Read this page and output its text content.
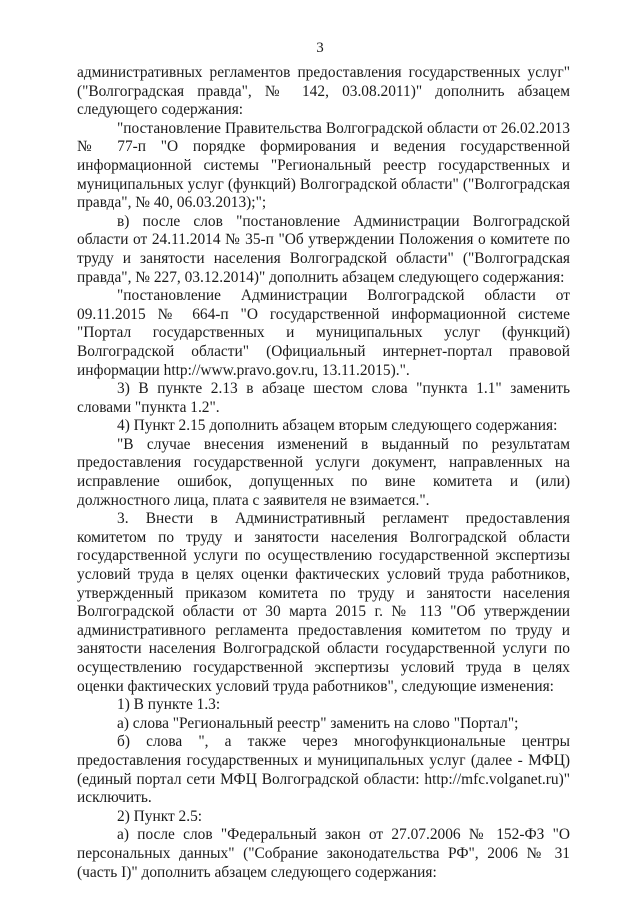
3

административных регламентов предоставления государственных услуг" ("Волгоградская правда", № 142, 03.08.2011)" дополнить абзацем следующего содержания:

"постановление Правительства Волгоградской области от 26.02.2013 № 77-п "О порядке формирования и ведения государственной информационной системы "Региональный реестр государственных и муниципальных услуг (функций) Волгоградской области" ("Волгоградская правда", № 40, 06.03.2013);";

в) после слов "постановление Администрации Волгоградской области от 24.11.2014 № 35-п "Об утверждении Положения о комитете по труду и занятости населения Волгоградской области" ("Волгоградская правда", № 227, 03.12.2014)" дополнить абзацем следующего содержания:

"постановление Администрации Волгоградской области от 09.11.2015 № 664-п "О государственной информационной системе "Портал государственных и муниципальных услуг (функций) Волгоградской области" (Официальный интернет-портал правовой информации http://www.pravo.gov.ru, 13.11.2015).".

3) В пункте 2.13 в абзаце шестом слова "пункта 1.1" заменить словами "пункта 1.2".

4) Пункт 2.15 дополнить абзацем вторым следующего содержания:

"В случае внесения изменений в выданный по результатам предоставления государственной услуги документ, направленных на исправление ошибок, допущенных по вине комитета и (или) должностного лица, плата с заявителя не взимается.".

3. Внести в Административный регламент предоставления комитетом по труду и занятости населения Волгоградской области государственной услуги по осуществлению государственной экспертизы условий труда в целях оценки фактических условий труда работников, утвержденный приказом комитета по труду и занятости населения Волгоградской области от 30 марта 2015 г. № 113 "Об утверждении административного регламента предоставления комитетом по труду и занятости населения Волгоградской области государственной услуги по осуществлению государственной экспертизы условий труда в целях оценки фактических условий труда работников", следующие изменения:

1) В пункте 1.3:

а) слова "Региональный реестр" заменить на слово "Портал";

б) слова ", а также через многофункциональные центры предоставления государственных и муниципальных услуг (далее - МФЦ) (единый портал сети МФЦ Волгоградской области: http://mfc.volganet.ru)" исключить.

2) Пункт 2.5:

а) после слов "Федеральный закон от 27.07.2006 № 152-ФЗ "О персональных данных" ("Собрание законодательства РФ", 2006 № 31 (часть I)" дополнить абзацем следующего содержания:
